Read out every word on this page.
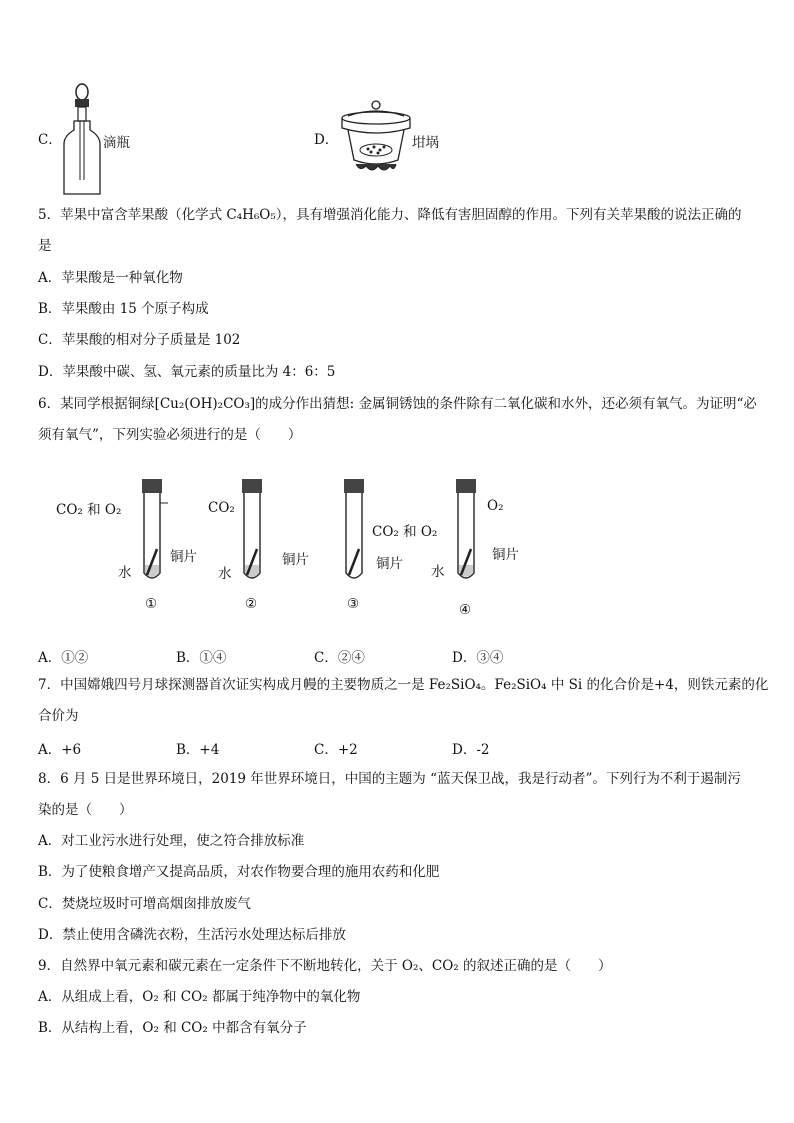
C．	滴瓶	D．	坩埚
5．苹果中富含苹果酸（化学式 C₄H₆O₅），具有增强消化能力、降低有害胆固醇的作用。下列有关苹果酸的说法正确的
是
A．苹果酸是一种氧化物
B．苹果酸由 15 个原子构成
C．苹果酸的相对分子质量是 102
D．苹果酸中碳、氢、氧元素的质量比为 4：6：5
6．某同学根据铜绿[Cu₂(OH)₂CO₃]的成分作出猜想: 金属铜锈蚀的条件除有二氧化碳和水外，还必须有氧气。为证明“必
须有氧气”，下列实验必须进行的是（　　）
CO₂ 和 O₂
铜片
水
①
CO₂
铜片
水
②
CO₂ 和 O₂
铜片
③
O₂
铜片
水
④
A．①②	B．①④	C．②④	D．③④
7．中国嫦娥四号月球探测器首次证实构成月幔的主要物质之一是 Fe₂SiO₄。Fe₂SiO₄ 中 Si 的化合价是+4，则铁元素的化
合价为
A．+6	B．+4	C．+2	D．-2
8．6 月 5 日是世界环境日，2019 年世界环境日，中国的主题为 “蓝天保卫战，我是行动者”。下列行为不利于遏制污
染的是（　　）
A．对工业污水进行处理，使之符合排放标准
B．为了使粮食增产又提高品质，对农作物要合理的施用农药和化肥
C．焚烧垃圾时可增高烟囱排放废气
D．禁止使用含磷洗衣粉，生活污水处理达标后排放
9．自然界中氧元素和碳元素在一定条件下不断地转化，关于 O₂、CO₂ 的叙述正确的是（　　）
A．从组成上看，O₂ 和 CO₂ 都属于纯净物中的氧化物
B．从结构上看，O₂ 和 CO₂ 中都含有氧分子
